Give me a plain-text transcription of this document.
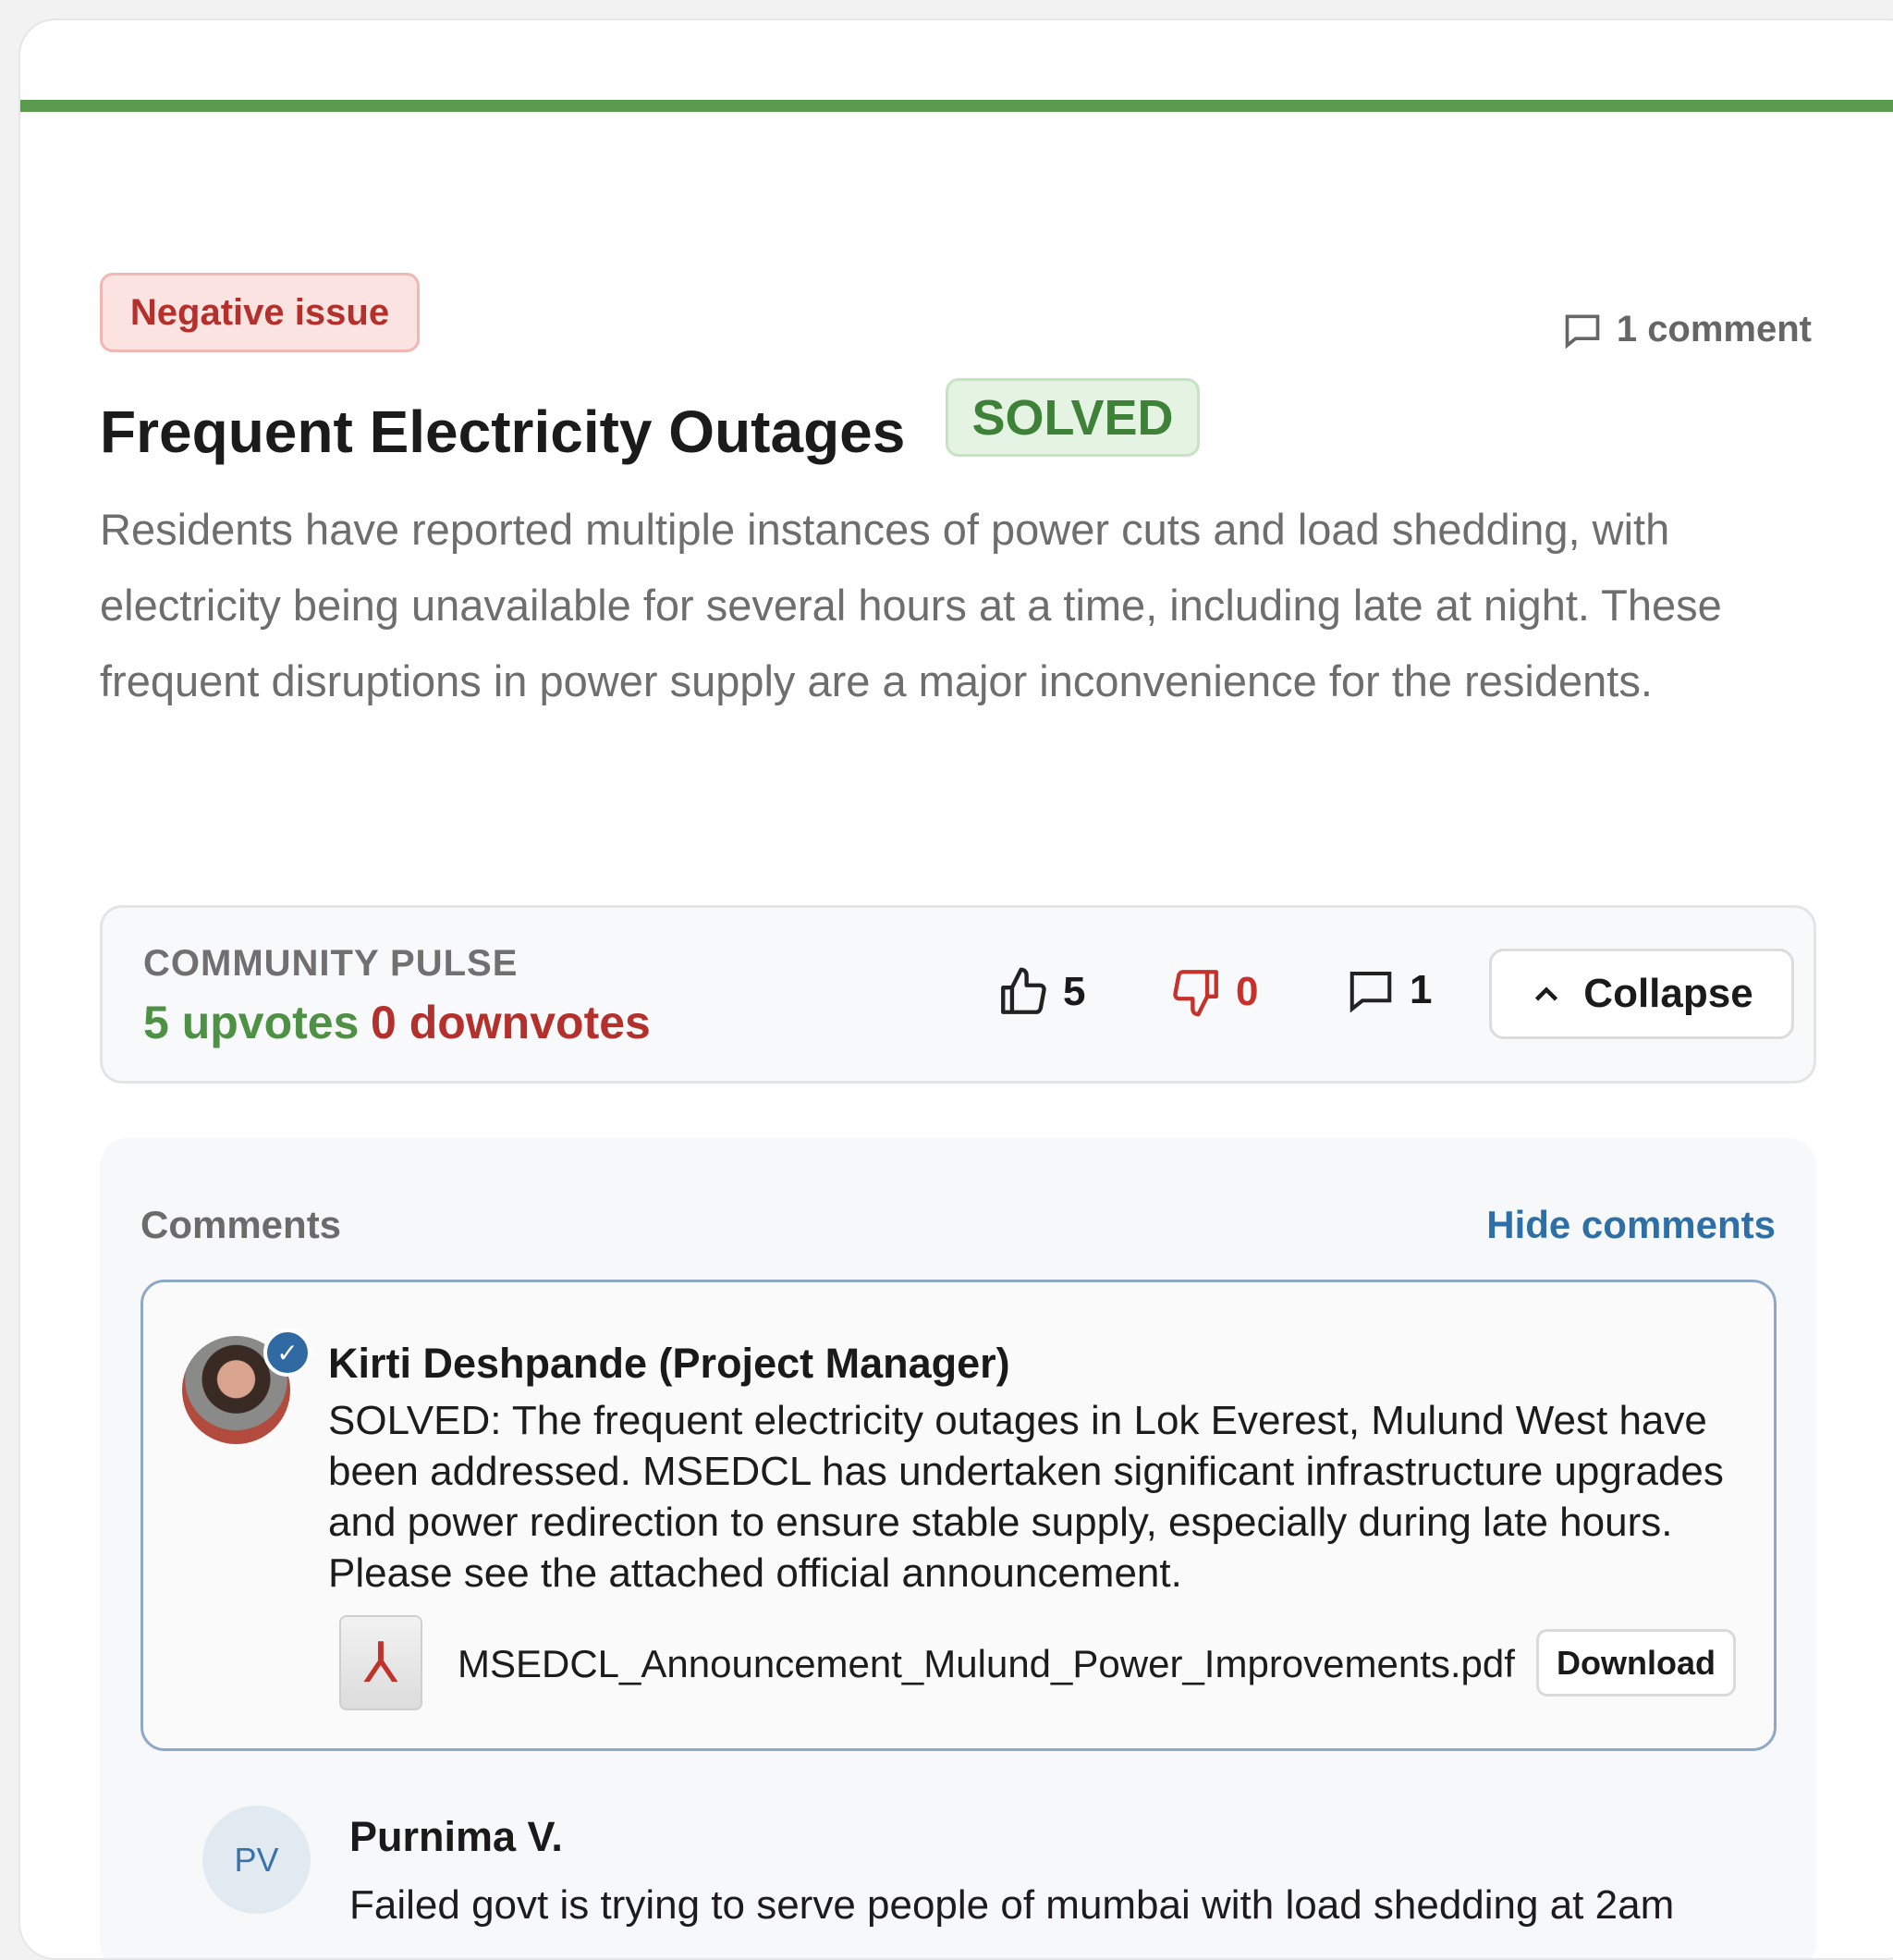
Negative issue	1 comment
Frequent Electricity Outages	SOLVED
Residents have reported multiple instances of power cuts and load shedding, with electricity being unavailable for several hours at a time, including late at night. These frequent disruptions in power supply are a major inconvenience for the residents.
COMMUNITY PULSE
5 upvotes 0 downvotes
5	0	1	Collapse
Comments	Hide comments
✓ Kirti Deshpande (Project Manager)
SOLVED: The frequent electricity outages in Lok Everest, Mulund West have been addressed. MSEDCL has undertaken significant infrastructure upgrades and power redirection to ensure stable supply, especially during late hours. Please see the attached official announcement.
⅄	MSEDCL_Announcement_Mulund_Power_Improvements.pdf	Download
PV	Purnima V.
Failed govt is trying to serve people of mumbai with load shedding at 2am
